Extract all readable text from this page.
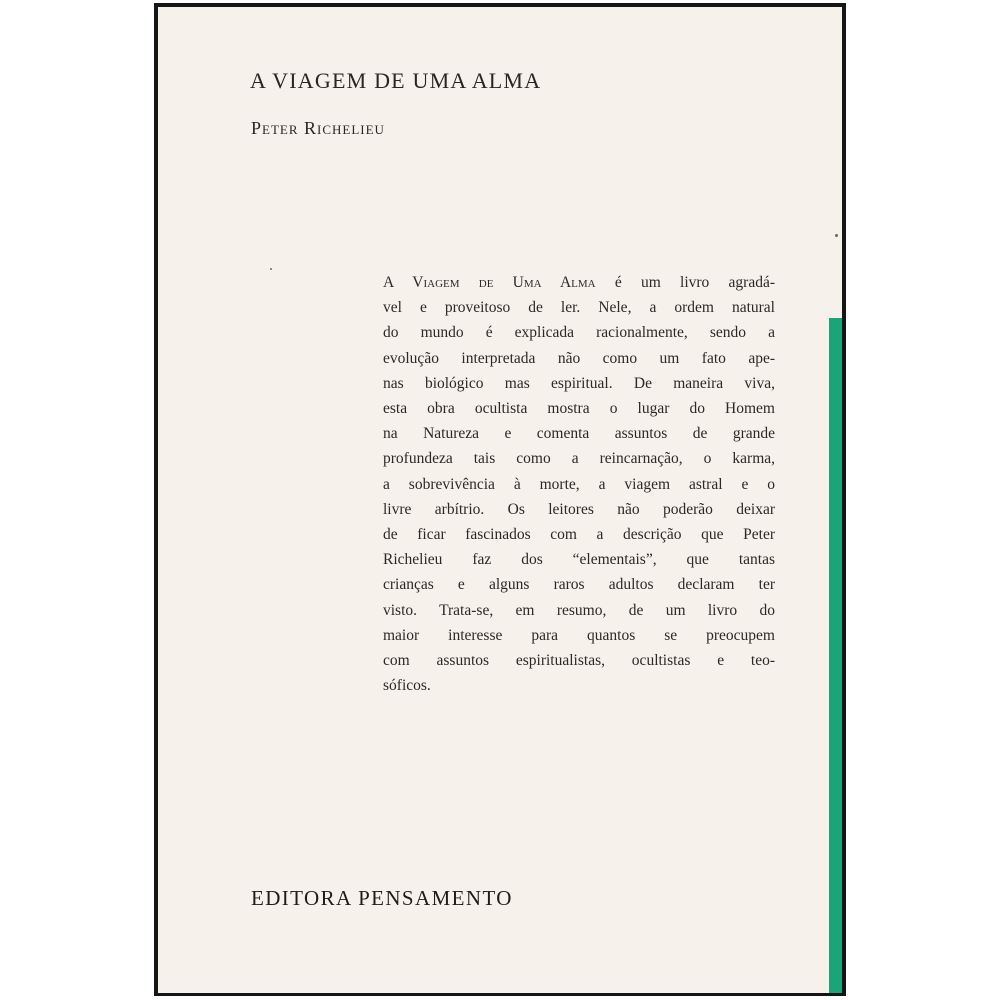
A VIAGEM DE UMA ALMA
Peter Richelieu
A Viagem de Uma Alma é um livro agradá-
vel e proveitoso de ler. Nele, a ordem natural
do mundo é explicada racionalmente, sendo a
evolução interpretada não como um fato ape-
nas biológico mas espiritual. De maneira viva,
esta obra ocultista mostra o lugar do Homem
na Natureza e comenta assuntos de grande
profundeza tais como a reincarnação, o karma,
a sobrevivência à morte, a viagem astral e o
livre arbítrio. Os leitores não poderão deixar
de ficar fascinados com a descrição que Peter
Richelieu faz dos “elementais”, que tantas
crianças e alguns raros adultos declaram ter
visto. Trata-se, em resumo, de um livro do
maior interesse para quantos se preocupem
com assuntos espiritualistas, ocultistas e teo-
sóficos.
EDITORA PENSAMENTO
